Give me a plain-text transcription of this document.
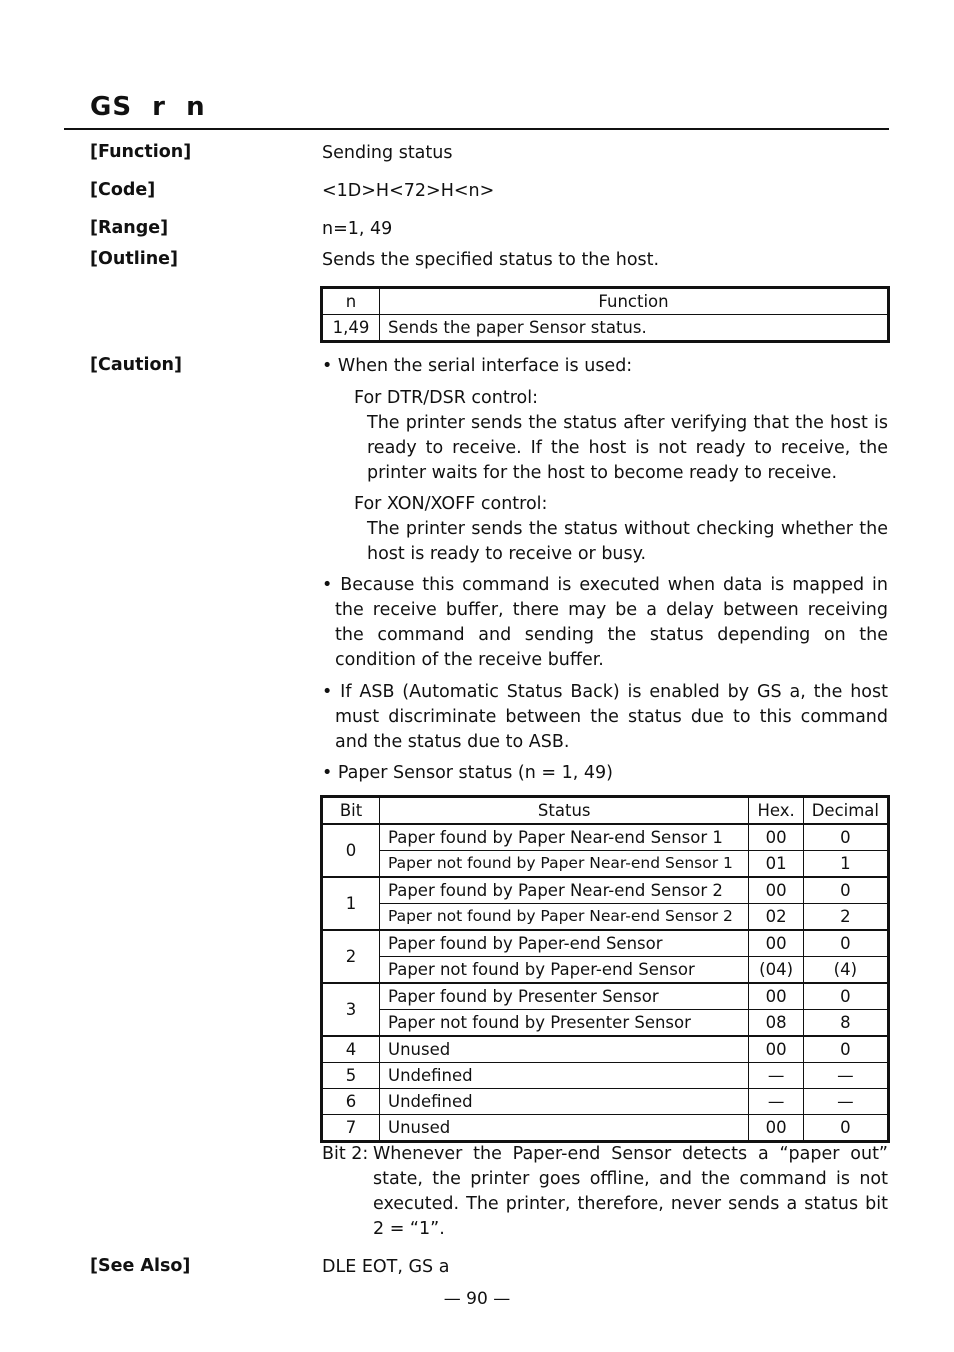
GS  r  n
[Function]	Sending status
[Code]	<1D>H<72>H<n>
[Range]	n=1, 49
[Outline]	Sends the specified status to the host.
n	Function
1,49	Sends the paper Sensor status.
[Caution]	• When the serial interface is used:
For DTR/DSR control:
The printer sends the status after verifying that the host is ready to receive. If the host is not ready to receive, the printer waits for the host to become ready to receive.
For XON/XOFF control:
The printer sends the status without checking whether the host is ready to receive or busy.
• Because this command is executed when data is mapped in the receive buffer, there may be a delay between receiving the command and sending the status depending on the condition of the receive buffer.
• If ASB (Automatic Status Back) is enabled by GS a, the host must discriminate between the status due to this command and the status due to ASB.
• Paper Sensor status (n = 1, 49)
Bit	Status	Hex.	Decimal
0	Paper found by Paper Near-end Sensor 1	00	0
	Paper not found by Paper Near-end Sensor 1	01	1
1	Paper found by Paper Near-end Sensor 2	00	0
	Paper not found by Paper Near-end Sensor 2	02	2
2	Paper found by Paper-end Sensor	00	0
	Paper not found by Paper-end Sensor	(04)	(4)
3	Paper found by Presenter Sensor	00	0
	Paper not found by Presenter Sensor	08	8
4	Unused	00	0
5	Undefined	—	—
6	Undefined	—	—
7	Unused	00	0
Bit 2: Whenever the Paper-end Sensor detects a “paper out” state, the printer goes offline, and the command is not executed. The printer, therefore, never sends a status bit 2 = “1”.
[See Also]	DLE EOT, GS a
— 90 —
